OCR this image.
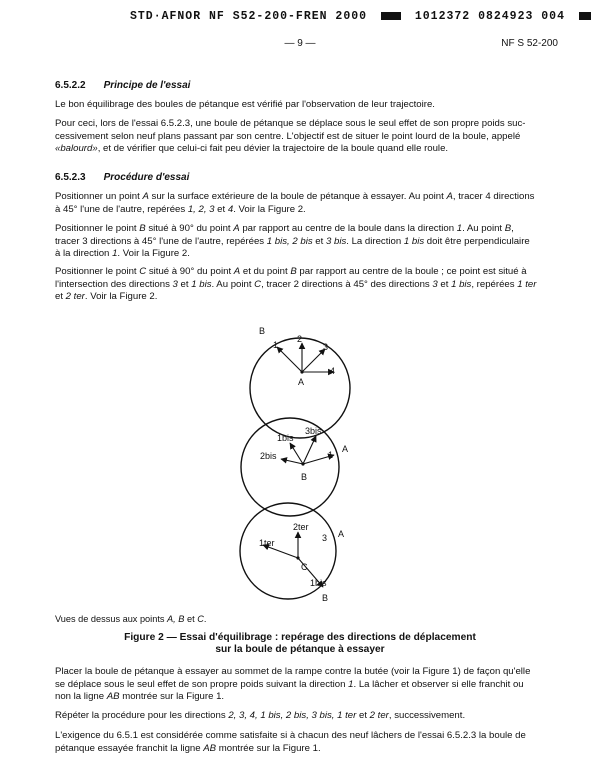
STD·AFNOR NF S52-200-FREN 2000	1012372 0824923 004
— 9 —	NF S 52-200
6.5.2.2 Principe de l'essai
Le bon équilibrage des boules de pétanque est vérifié par l'observation de leur trajectoire.
Pour ceci, lors de l'essai 6.5.2.3, une boule de pétanque se déplace sous le seul effet de son propre poids suc-
cessivement selon neuf plans passant par son centre. L'objectif est de situer le point lourd de la boule, appelé
«balourd», et de vérifier que celui-ci fait peu dévier la trajectoire de la boule quand elle roule.
6.5.2.3 Procédure d'essai
Positionner un point A sur la surface extérieure de la boule de pétanque à essayer. Au point A, tracer 4 directions
à 45° l'une de l'autre, repérées 1, 2, 3 et 4. Voir la Figure 2.
Positionner le point B situé à 90° du point A par rapport au centre de la boule dans la direction 1. Au point B,
tracer 3 directions à 45° l'une de l'autre, repérées 1 bis, 2 bis et 3 bis. La direction 1 bis doit être perpendiculaire
à la direction 1. Voir la Figure 2.
Positionner le point C situé à 90° du point A et du point B par rapport au centre de la boule ; ce point est situé à
l'intersection des directions 3 et 1 bis. Au point C, tracer 2 directions à 45° des directions 3 et 1 bis, repérées 1 ter
et 2 ter. Voir la Figure 2.
B
1
2
3
4
A
1bis
3bis
2bis	1
A
B
2ter
3 A
1ter
C
1bis
B
Vues de dessus aux points A, B et C.
Figure 2 — Essai d'équilibrage : repérage des directions de déplacement
sur la boule de pétanque à essayer
Placer la boule de pétanque à essayer au sommet de la rampe contre la butée (voir la Figure 1) de façon qu'elle
se déplace sous le seul effet de son propre poids suivant la direction 1. La lâcher et observer si elle franchit ou
non la ligne AB montrée sur la Figure 1.
Répéter la procédure pour les directions 2, 3, 4, 1 bis, 2 bis, 3 bis, 1 ter et 2 ter, successivement.
L'exigence du 6.5.1 est considérée comme satisfaite si à chacun des neuf lâchers de l'essai 6.5.2.3 la boule de
pétanque essayée franchit la ligne AB montrée sur la Figure 1.
